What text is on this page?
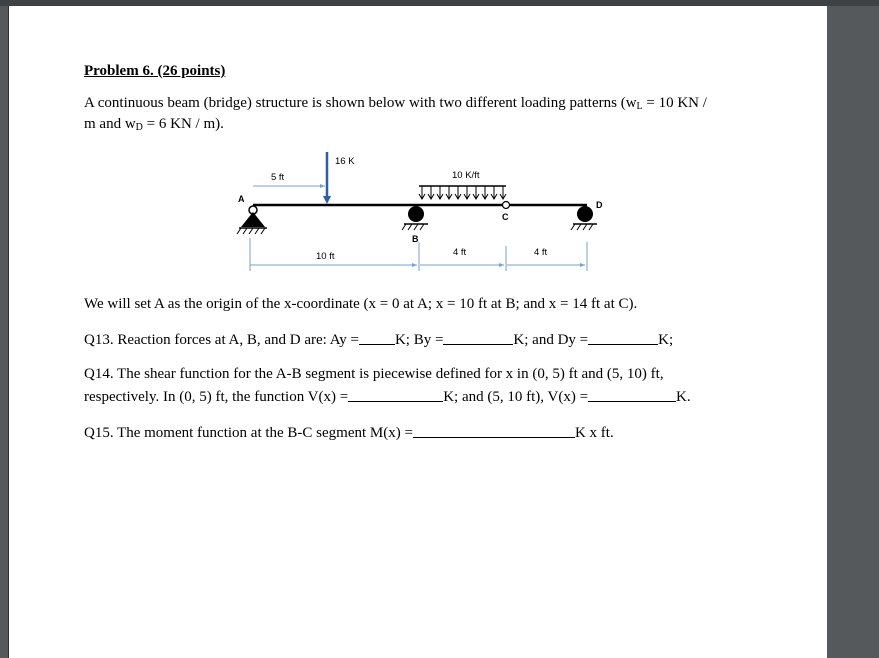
Problem 6. (26 points)
A continuous beam (bridge) structure is shown below with two different loading patterns ($w_L = 10$ KN /
m and $w_D = 6$ KN / m).
A
B
D
C
16 K
5 ft	10 K/ft
10 ft	4 ft	4 ft
We will set A as the origin of the x-coordinate (x = 0 at A; x = 10 ft at B; and x = 14 ft at C).
Q13. Reaction forces at A, B, and D are: Ay = K; By =	K; and Dy =	K;
Q14. The shear function for the A-B segment is piecewise defined for x in (0, 5) ft and (5, 10) ft,
respectively. In (0, 5) ft, the function V(x) =	K; and (5, 10 ft), V(x) =	K.
Q15. The moment function at the B-C segment M(x) =	K x ft.
